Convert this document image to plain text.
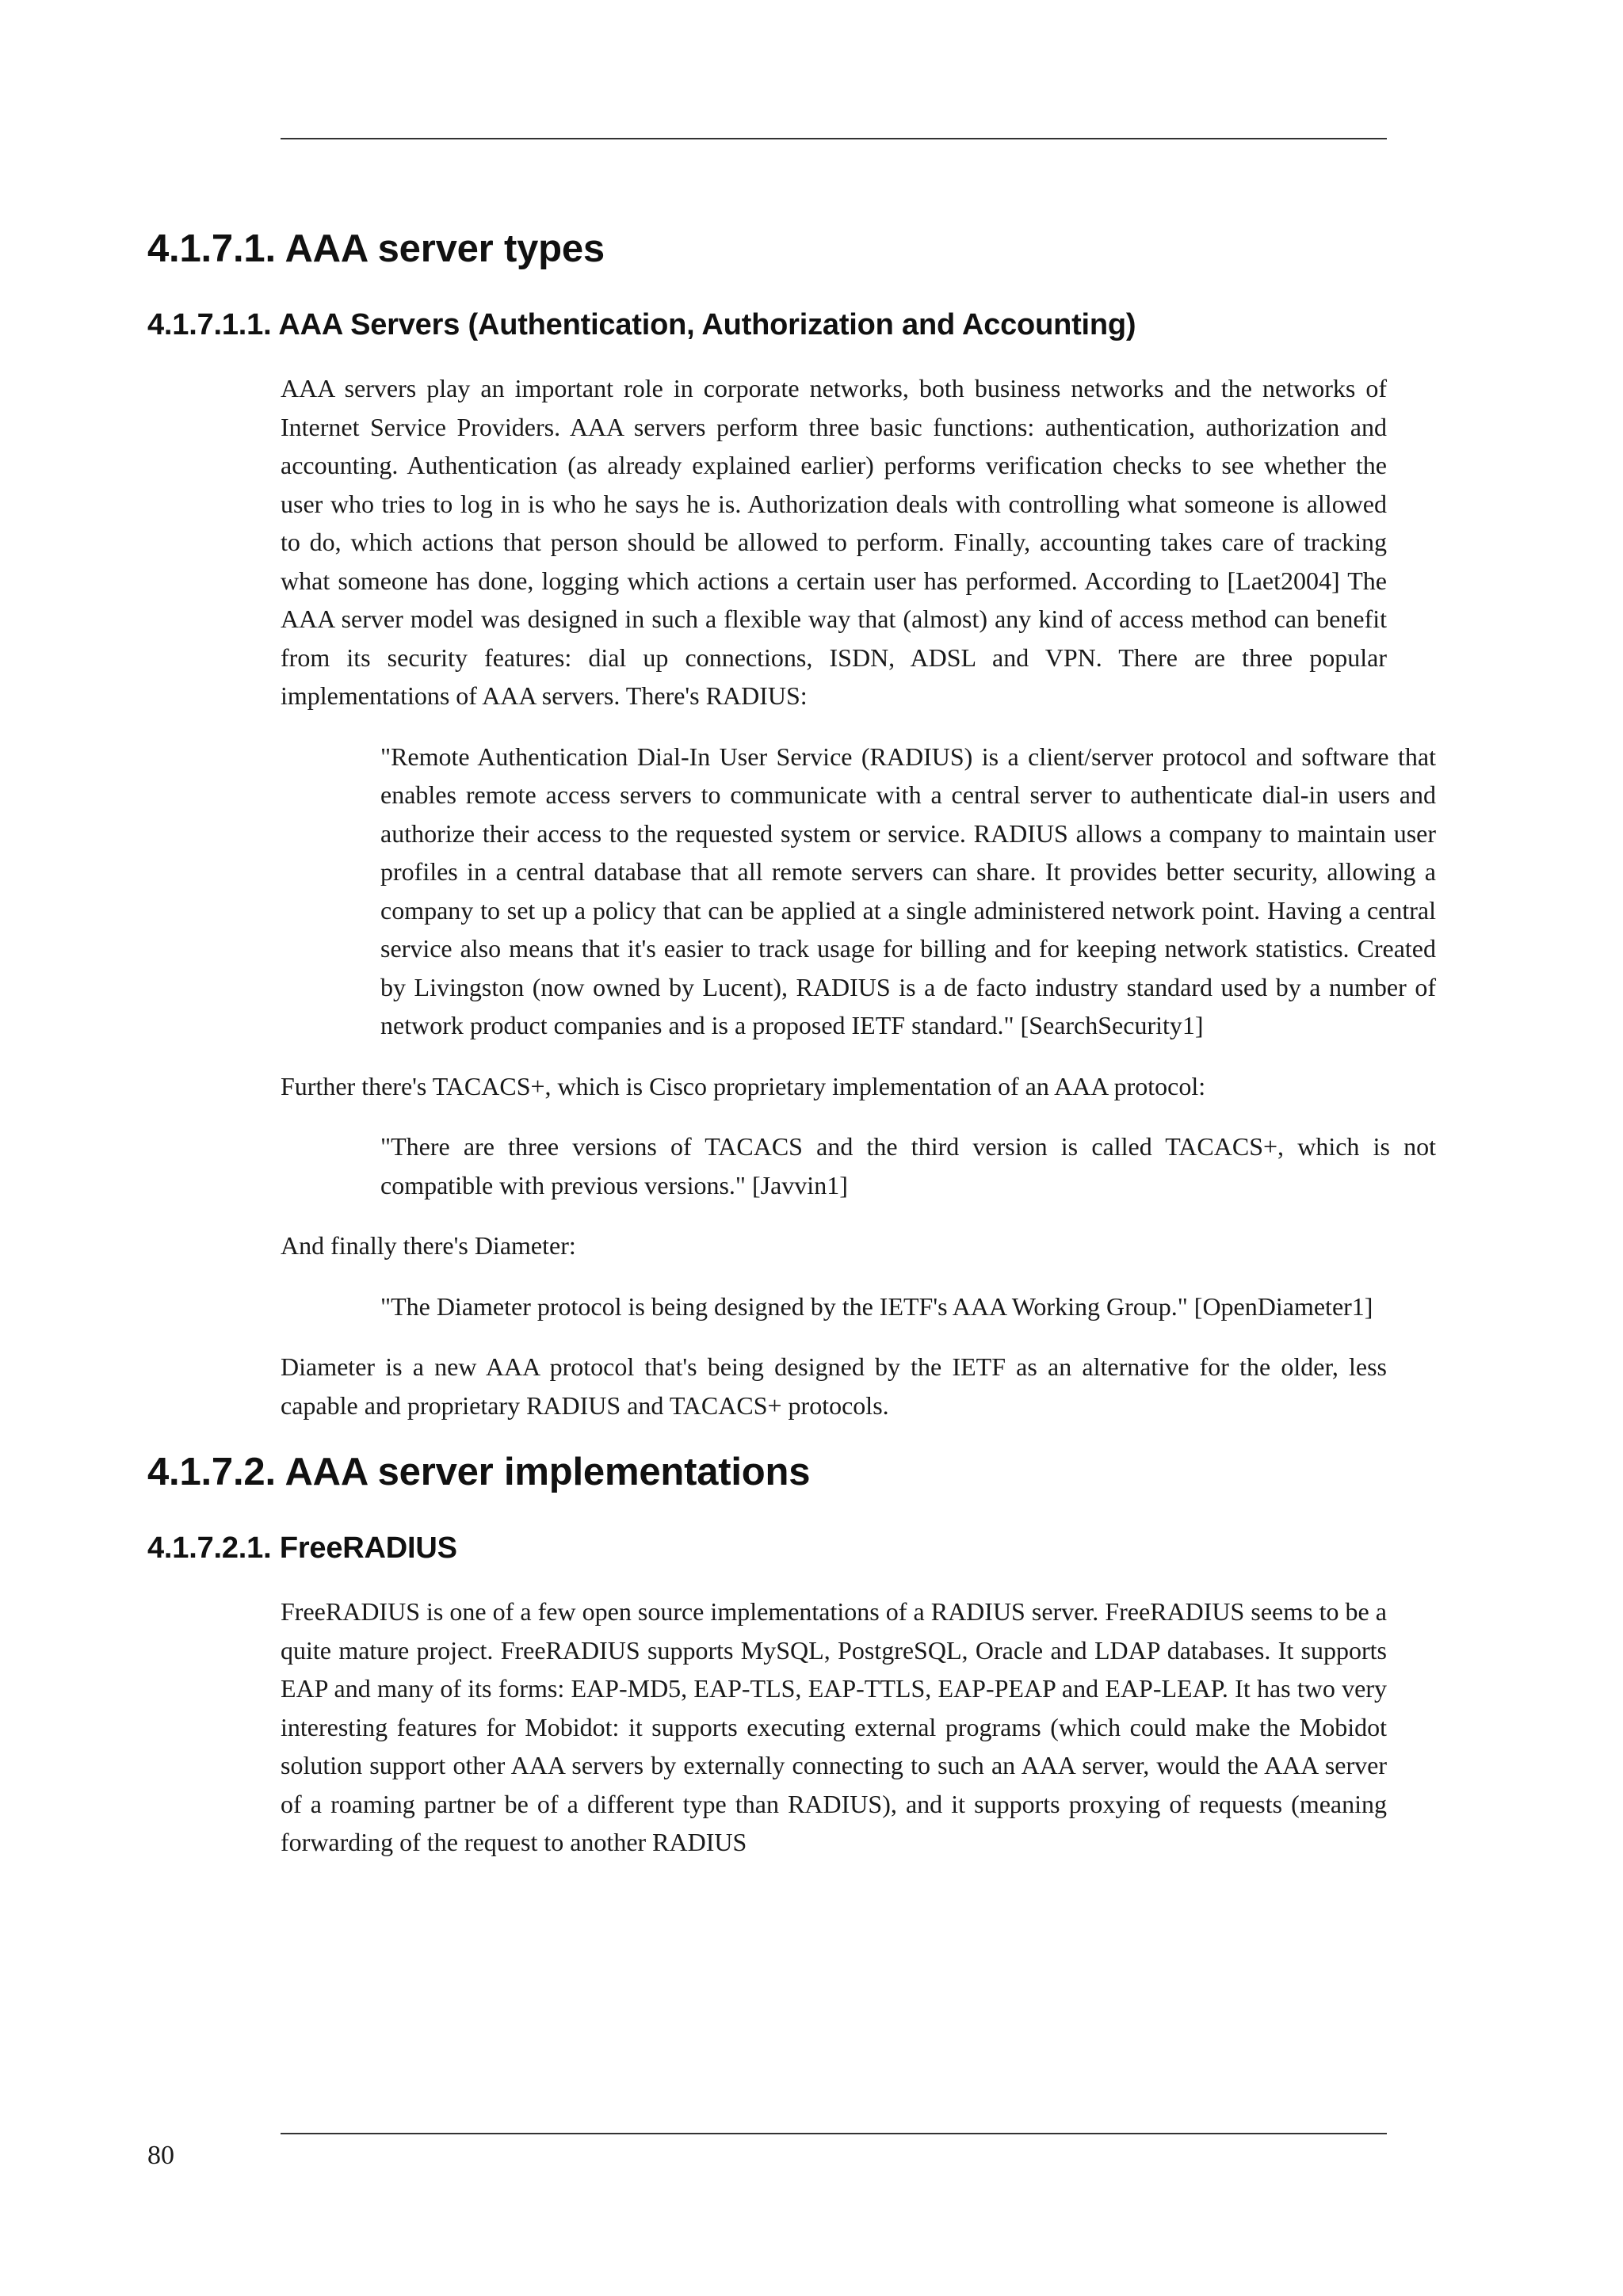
4.1.7.1. AAA server types
4.1.7.1.1. AAA Servers (Authentication, Authorization and Accounting)

AAA servers play an important role in corporate networks, both business networks and the networks of Internet Service Providers. AAA servers perform three basic functions: authentication, authorization and accounting. Authentication (as already explained earlier) performs verification checks to see whether the user who tries to log in is who he says he is. Authorization deals with controlling what someone is allowed to do, which actions that person should be allowed to perform. Finally, accounting takes care of tracking what someone has done, logging which actions a certain user has performed. According to [Laet2004] The AAA server model was designed in such a flexible way that (almost) any kind of access method can benefit from its security features: dial up connections, ISDN, ADSL and VPN. There are three popular implementations of AAA servers. There's RADIUS:

"Remote Authentication Dial-In User Service (RADIUS) is a client/server protocol and software that enables remote access servers to communicate with a central server to authenticate dial-in users and authorize their access to the requested system or service. RADIUS allows a company to maintain user profiles in a central database that all remote servers can share. It provides better security, allowing a company to set up a policy that can be applied at a single administered network point. Having a central service also means that it's easier to track usage for billing and for keeping network statistics. Created by Livingston (now owned by Lucent), RADIUS is a de facto industry standard used by a number of network product companies and is a proposed IETF standard." [SearchSecurity1]

Further there's TACACS+, which is Cisco proprietary implementation of an AAA protocol:

"There are three versions of TACACS and the third version is called TACACS+, which is not compatible with previous versions." [Javvin1]

And finally there's Diameter:

"The Diameter protocol is being designed by the IETF's AAA Working Group." [OpenDiameter1]

Diameter is a new AAA protocol that's being designed by the IETF as an alternative for the older, less capable and proprietary RADIUS and TACACS+ protocols.

4.1.7.2. AAA server implementations
4.1.7.2.1. FreeRADIUS

FreeRADIUS is one of a few open source implementations of a RADIUS server. FreeRADIUS seems to be a quite mature project. FreeRADIUS supports MySQL, PostgreSQL, Oracle and LDAP databases. It supports EAP and many of its forms: EAP-MD5, EAP-TLS, EAP-TTLS, EAP-PEAP and EAP-LEAP. It has two very interesting features for Mobidot: it supports executing external programs (which could make the Mobidot solution support other AAA servers by externally connecting to such an AAA server, would the AAA server of a roaming partner be of a different type than RADIUS), and it supports proxying of requests (meaning forwarding of the request to another RADIUS

80
